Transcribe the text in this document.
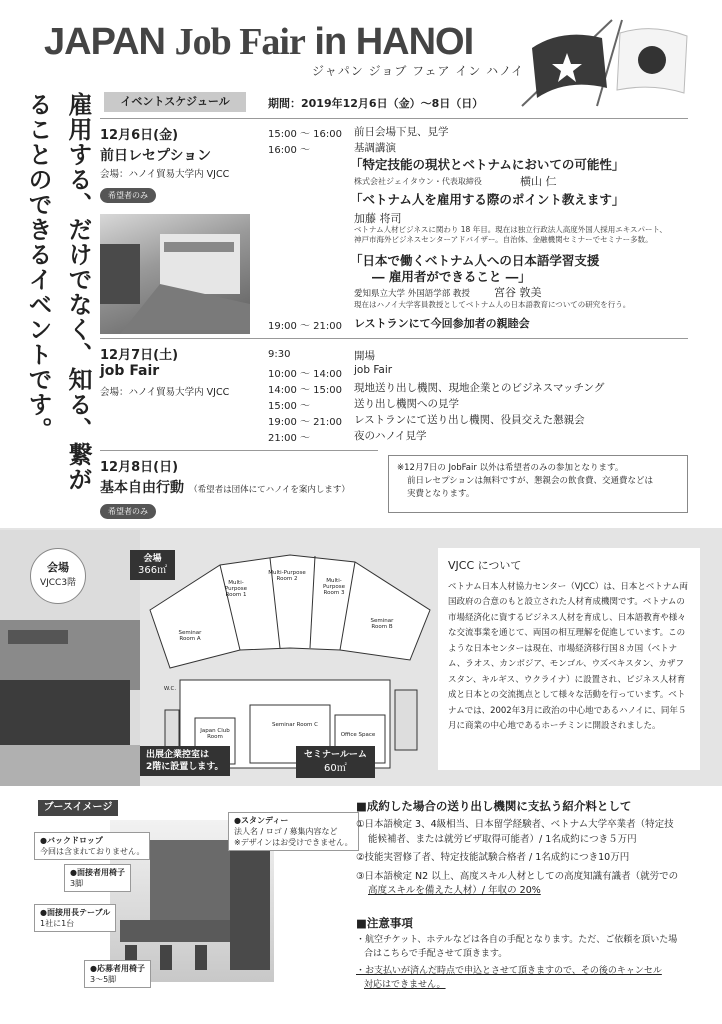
JAPAN Job Fair in HANOI
ジャパン ジョブ フェア イン ハノイ
雇用する、だけでなく、知る、繋がることのできるイベントです。	イベントスケジュール	期間：2019年12月6日（金）〜8日（日）
12月6日(金)
前日レセプション
会場：ハノイ貿易大学内 VJCC
希望者のみ
15:00 〜 16:00 前日会場下見、見学
16:00 〜	基調講演
「特定技能の現状とベトナムにおいての可能性」
株式会社ジェイタウン・代表取締役	横山 仁
「ベトナム人を雇用する際のポイント教えます」
加藤 将司
ベトナム人材ビジネスに関わり 18 年目。現在は独立行政法人高度外国人採用エキスパート、
神戸市海外ビジネスセンターアドバイザー。自治体、金融機関セミナーでセミナー多数。
「日本で働くベトナム人への日本語学習支援
― 雇用者ができること ―」
愛知県立大学 外国語学部 教授 宮谷 敦美
現在はハノイ大学客員教授としてベトナム人の日本語教育についての研究を行う。
19:00 〜 21:00 レストランにて今回参加者の親睦会
12月7日(土)
job Fair
会場：ハノイ貿易大学内 VJCC
9:30	開場
10:00 〜 14:00 job Fair
14:00 〜 15:00 現地送り出し機関、現地企業とのビジネスマッチング
15:00 〜	送り出し機関への見学
19:00 〜 21:00 レストランにて送り出し機関、役員交えた懇親会
21:00 〜	夜のハノイ見学
12月8日(日)
基本自由行動 （希望者は団体にてハノイを案内します）
希望者のみ
※12月7日の JobFair 以外は希望者のみの参加となります。
前日レセプションは無料ですが、懇親会の飲食費、交通費などは
実費となります。
会場
VJCC3階
Seminar Room A
Multi-Purpose Room 1
Multi-Purpose Room 2	Multi-Purpose Room 3
Seminar Room B
Seminar Room C
Japan Club Room	Office Space
W.C.
会場
366㎡
出展企業控室は
2階に設置します。
セミナールーム
60㎡
VJCC について
ベトナム日本人材協力センター（VJCC）は、日本とベトナム両国政府の合意のもと設立された人材育成機関です。ベトナムの市場経済化に資するビジネス人材を育成し、日本語教育や様々な交流事業を通じて、両国の相互理解を促進しています。このような日本センターは現在、市場経済移行国８カ国（ベトナム、ラオス、カンボジア、モンゴル、ウズベキスタン、カザフスタン、キルギス、ウクライナ）に設置され、ビジネス人材育成と日本との交流拠点として様々な活動を行っています。ベトナムでは、2002年3月に政治の中心地であるハノイに、同年５月に商業の中心地であるホーチミンに開設されました。
ブースイメージ
●スタンディー
法人名 / ロゴ / 募集内容など
※デザインはお受けできません。
●バックドロップ
今回は含まれておりません。
●面接者用椅子
3脚
●面接用長テーブル
1社に1台
●応募者用椅子
3〜5脚
■成約した場合の送り出し機関に支払う紹介料として
①日本語検定 3、4級相当、日本留学経験者、ベトナム大学卒業者（特定技
能候補者、または就労ビザ取得可能者）/ 1名成約につき５万円
②技能実習修了者、特定技能試験合格者 / 1名成約につき10万円
③日本語検定 N2 以上、高度スキル人材としての高度知識有識者（就労での
高度スキルを備えた人材）/ 年収の 20%
■注意事項
・航空チケット、ホテルなどは各自の手配となります。ただ、ご依頼を頂いた場
合はこちらで手配させて頂きます。
・お支払いが済んだ時点で申込とさせて頂きますので、その後のキャンセル
対応はできません。
